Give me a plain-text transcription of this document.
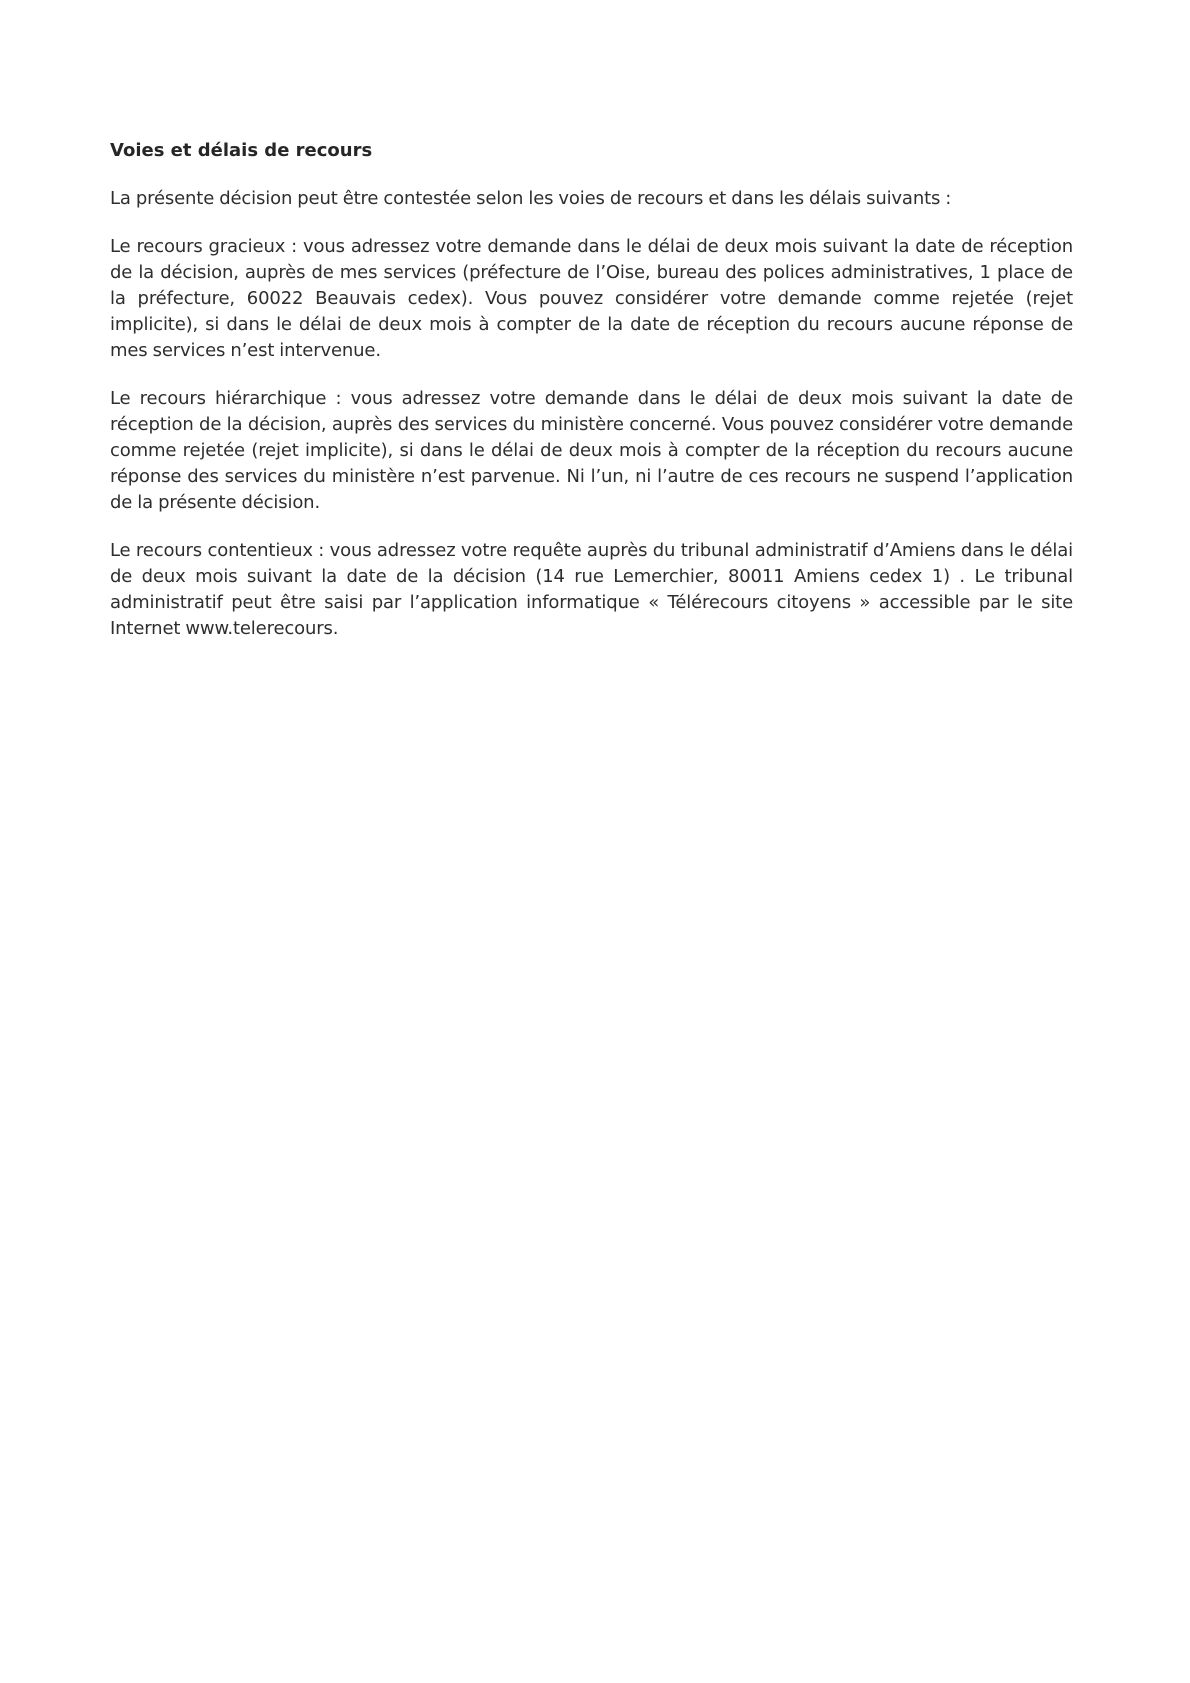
Voies et délais de recours

La présente décision peut être contestée selon les voies de recours et dans les délais suivants :

Le recours gracieux : vous adressez votre demande dans le délai de deux mois suivant la date de réception de la décision, auprès de mes services (préfecture de l’Oise, bureau des polices administratives, 1 place de la préfecture, 60022 Beauvais cedex). Vous pouvez considérer votre demande comme rejetée (rejet implicite), si dans le délai de deux mois à compter de la date de réception du recours aucune réponse de mes services n’est intervenue.

Le recours hiérarchique : vous adressez votre demande dans le délai de deux mois suivant la date de réception de la décision, auprès des services du ministère concerné. Vous pouvez considérer votre demande comme rejetée (rejet implicite), si dans le délai de deux mois à compter de la réception du recours aucune réponse des services du ministère n’est parvenue. Ni l’un, ni l’autre de ces recours ne suspend l’application de la présente décision.

Le recours contentieux : vous adressez votre requête auprès du tribunal administratif d’Amiens dans le délai de deux mois suivant la date de la décision (14 rue Lemerchier, 80011 Amiens cedex 1) . Le tribunal administratif peut être saisi par l’application informatique « Télérecours citoyens » accessible par le site Internet www.telerecours.
